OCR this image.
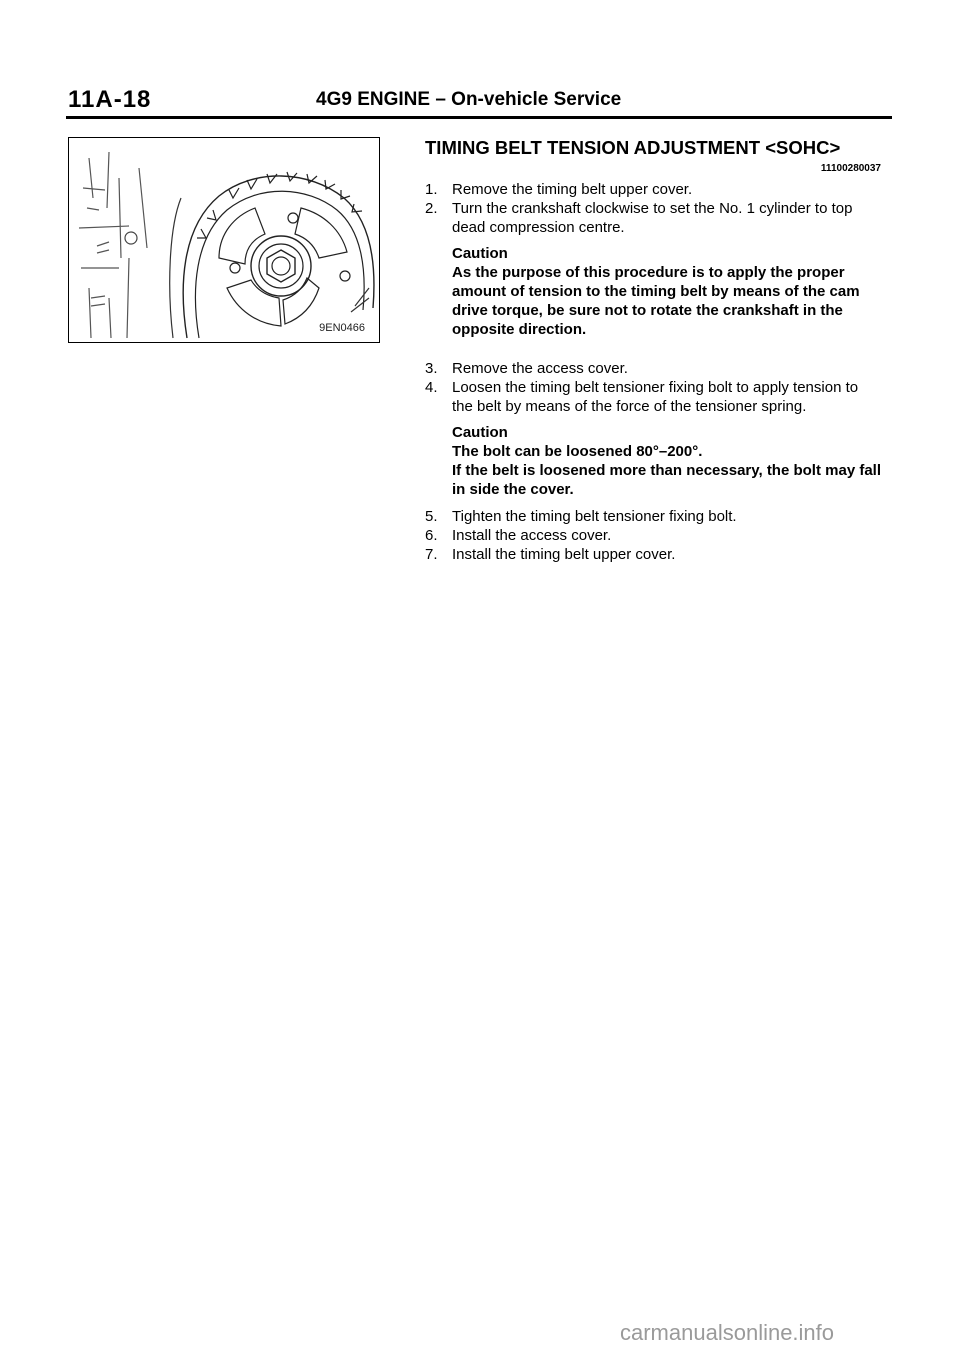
11A-18	4G9 ENGINE – On-vehicle Service
9EN0466
TIMING BELT TENSION ADJUSTMENT <SOHC>
11100280037
1. Remove the timing belt upper cover.
2. Turn the crankshaft clockwise to set the No. 1 cylinder to top dead compression centre.
Caution
As the purpose of this procedure is to apply the proper amount of tension to the timing belt by means of the cam drive torque, be sure not to rotate the crankshaft in the opposite direction.
3. Remove the access cover.
4. Loosen the timing belt tensioner fixing bolt to apply tension to the belt by means of the force of the tensioner spring.
Caution
The bolt can be loosened 80°–200°.
If the belt is loosened more than necessary, the bolt may fall in side the cover.
5. Tighten the timing belt tensioner fixing bolt.
6. Install the access cover.
7. Install the timing belt upper cover.
carmanualsonline.info
